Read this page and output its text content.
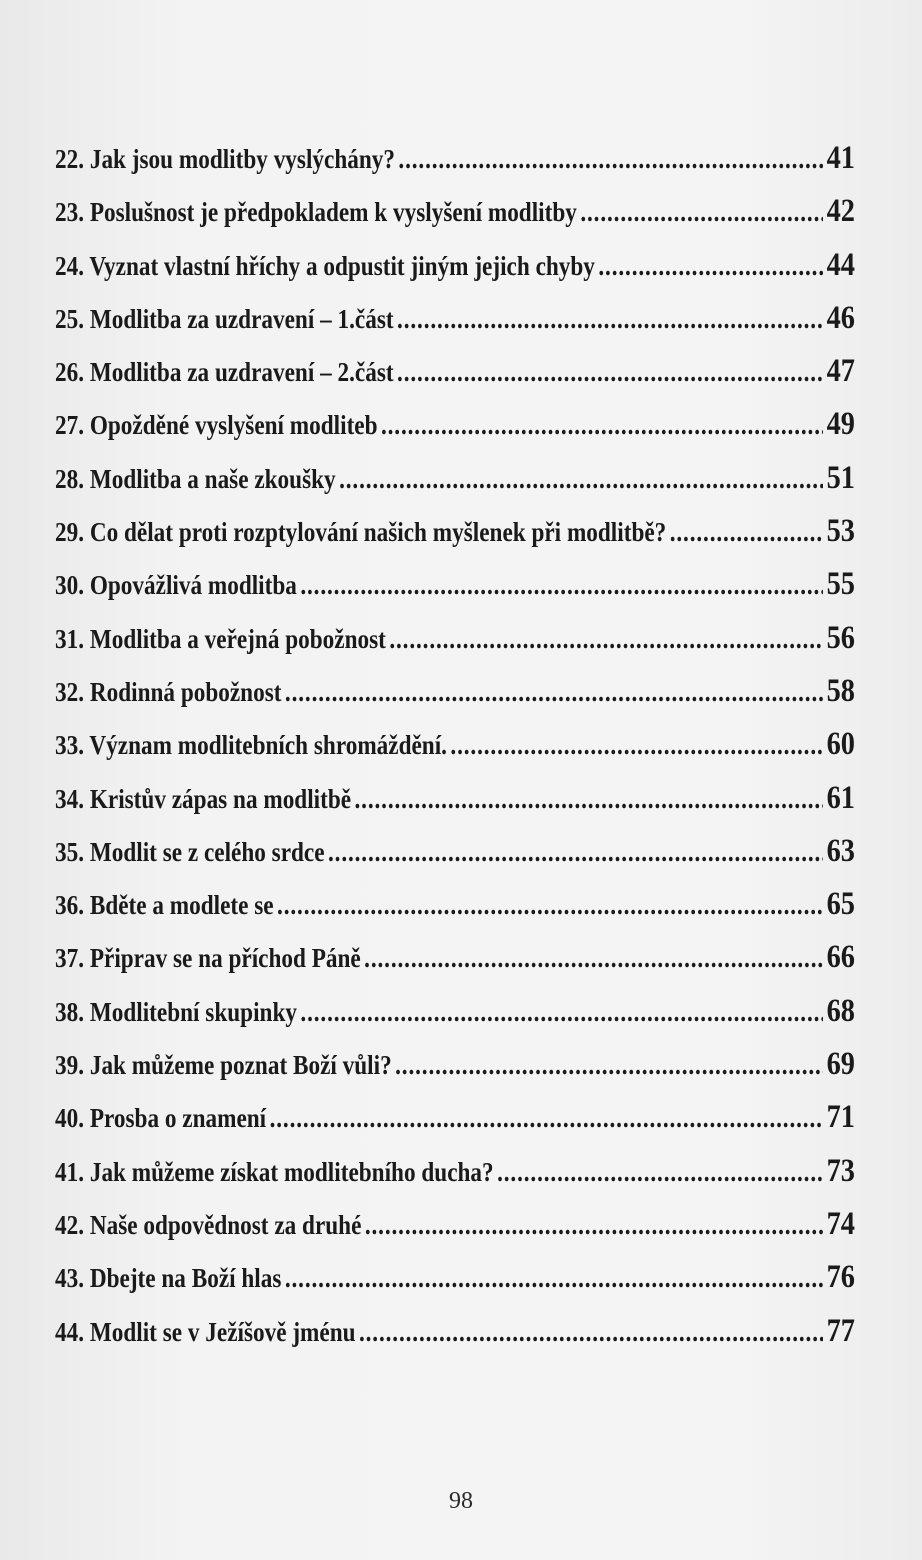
22. Jak jsou modlitby vyslýchány? .....	41
23. Poslušnost je předpokladem k vyslyšení modlitby .....	42
24. Vyznat vlastní hříchy a odpustit jiným jejich chyby .....	44
25. Modlitba za uzdravení – 1.část .....	46
26. Modlitba za uzdravení – 2.část .....	47
27. Opožděné vyslyšení modliteb .....	49
28. Modlitba a naše zkoušky .....	51
29. Co dělat proti rozptylování našich myšlenek při modlitbě? .....	53
30. Opovážlivá modlitba .....	55
31. Modlitba a veřejná pobožnost .....	56
32. Rodinná pobožnost .....	58
33. Význam modlitebních shromáždění. .....	60
34. Kristův zápas na modlitbě .....	61
35. Modlit se z celého srdce .....	63
36. Bděte a modlete se .....	65
37. Připrav se na příchod Páně .....	66
38. Modlitební skupinky .....	68
39. Jak můžeme poznat Boží vůli? .....	69
40. Prosba o znamení .....	71
41. Jak můžeme získat modlitebního ducha? .....	73
42. Naše odpovědnost za druhé .....	74
43. Dbejte na Boží hlas .....	76
44. Modlit se v Ježíšově jménu .....	77
98
